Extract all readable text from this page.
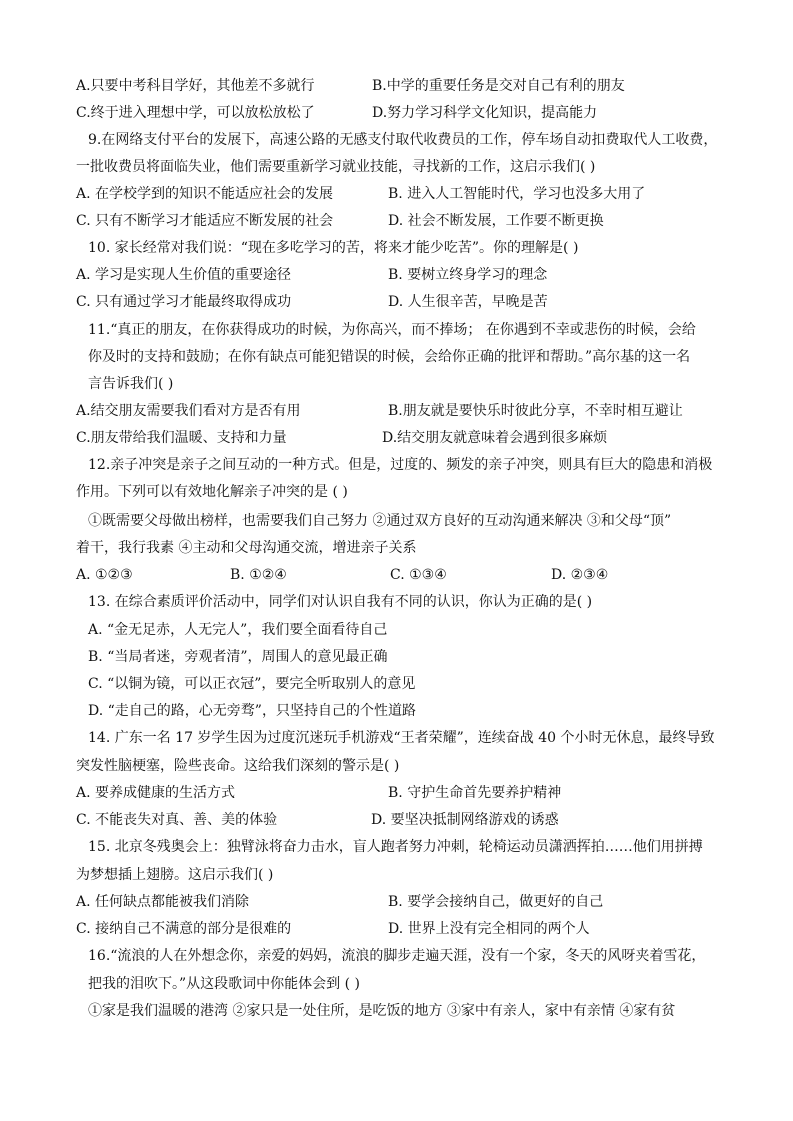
A.只要中考科目学好，其他差不多就行	B.中学的重要任务是交对自己有利的朋友
C.终于进入理想中学，可以放松放松了	D.努力学习科学文化知识，提高能力
9.在网络支付平台的发展下，高速公路的无感支付取代收费员的工作，停车场自动扣费取代人工收费，
一批收费员将面临失业，他们需要重新学习就业技能，寻找新的工作，这启示我们( )
A. 在学校学到的知识不能适应社会的发展	B. 进入人工智能时代，学习也没多大用了
C. 只有不断学习才能适应不断发展的社会	D. 社会不断发展，工作要不断更换
10. 家长经常对我们说：“现在多吃学习的苦，将来才能少吃苦”。你的理解是( )
A. 学习是实现人生价值的重要途径	B. 要树立终身学习的理念
C. 只有通过学习才能最终取得成功	D. 人生很辛苦，早晚是苦
11.“真正的朋友，在你获得成功的时候，为你高兴，而不捧场； 在你遇到不幸或悲伤的时候，会给
你及时的支持和鼓励；在你有缺点可能犯错误的时候，会给你正确的批评和帮助。”高尔基的这一名
言告诉我们( )
A.结交朋友需要我们看对方是否有用	B.朋友就是要快乐时彼此分享，不幸时相互避让
C.朋友带给我们温暖、支持和力量	D.结交朋友就意味着会遇到很多麻烦
12.亲子冲突是亲子之间互动的一种方式。但是，过度的、频发的亲子冲突，则具有巨大的隐患和消极
作用。下列可以有效地化解亲子冲突的是 ( )
①既需要父母做出榜样，也需要我们自己努力 ②通过双方良好的互动沟通来解决 ③和父母“顶”
着干，我行我素 ④主动和父母沟通交流，增进亲子关系
A. ①②③	B. ①②④	C. ①③④	D. ②③④
13. 在综合素质评价活动中，同学们对认识自我有不同的认识，你认为正确的是( )
A. “金无足赤，人无完人”，我们要全面看待自己
B. “当局者迷，旁观者清”，周围人的意见最正确
C. “以铜为镜，可以正衣冠”，要完全听取别人的意见
D. “走自己的路，心无旁骛”，只坚持自己的个性道路
14. 广东一名 17 岁学生因为过度沉迷玩手机游戏“王者荣耀”，连续奋战 40 个小时无休息，最终导致
突发性脑梗塞，险些丧命。这给我们深刻的警示是( )
A. 要养成健康的生活方式	B. 守护生命首先要养护精神
C. 不能丧失对真、善、美的体验	D. 要坚决抵制网络游戏的诱惑
15. 北京冬残奥会上：独臂泳将奋力击水，盲人跑者努力冲刺，轮椅运动员潇洒挥拍……他们用拼搏
为梦想插上翅膀。这启示我们( )
A. 任何缺点都能被我们消除	B. 要学会接纳自己，做更好的自己
C. 接纳自己不满意的部分是很难的	D. 世界上没有完全相同的两个人
16.“流浪的人在外想念你，亲爱的妈妈，流浪的脚步走遍天涯，没有一个家，冬天的风呀夹着雪花，
把我的泪吹下。”从这段歌词中你能体会到 ( )
①家是我们温暖的港湾 ②家只是一处住所，是吃饭的地方 ③家中有亲人，家中有亲情 ④家有贫
